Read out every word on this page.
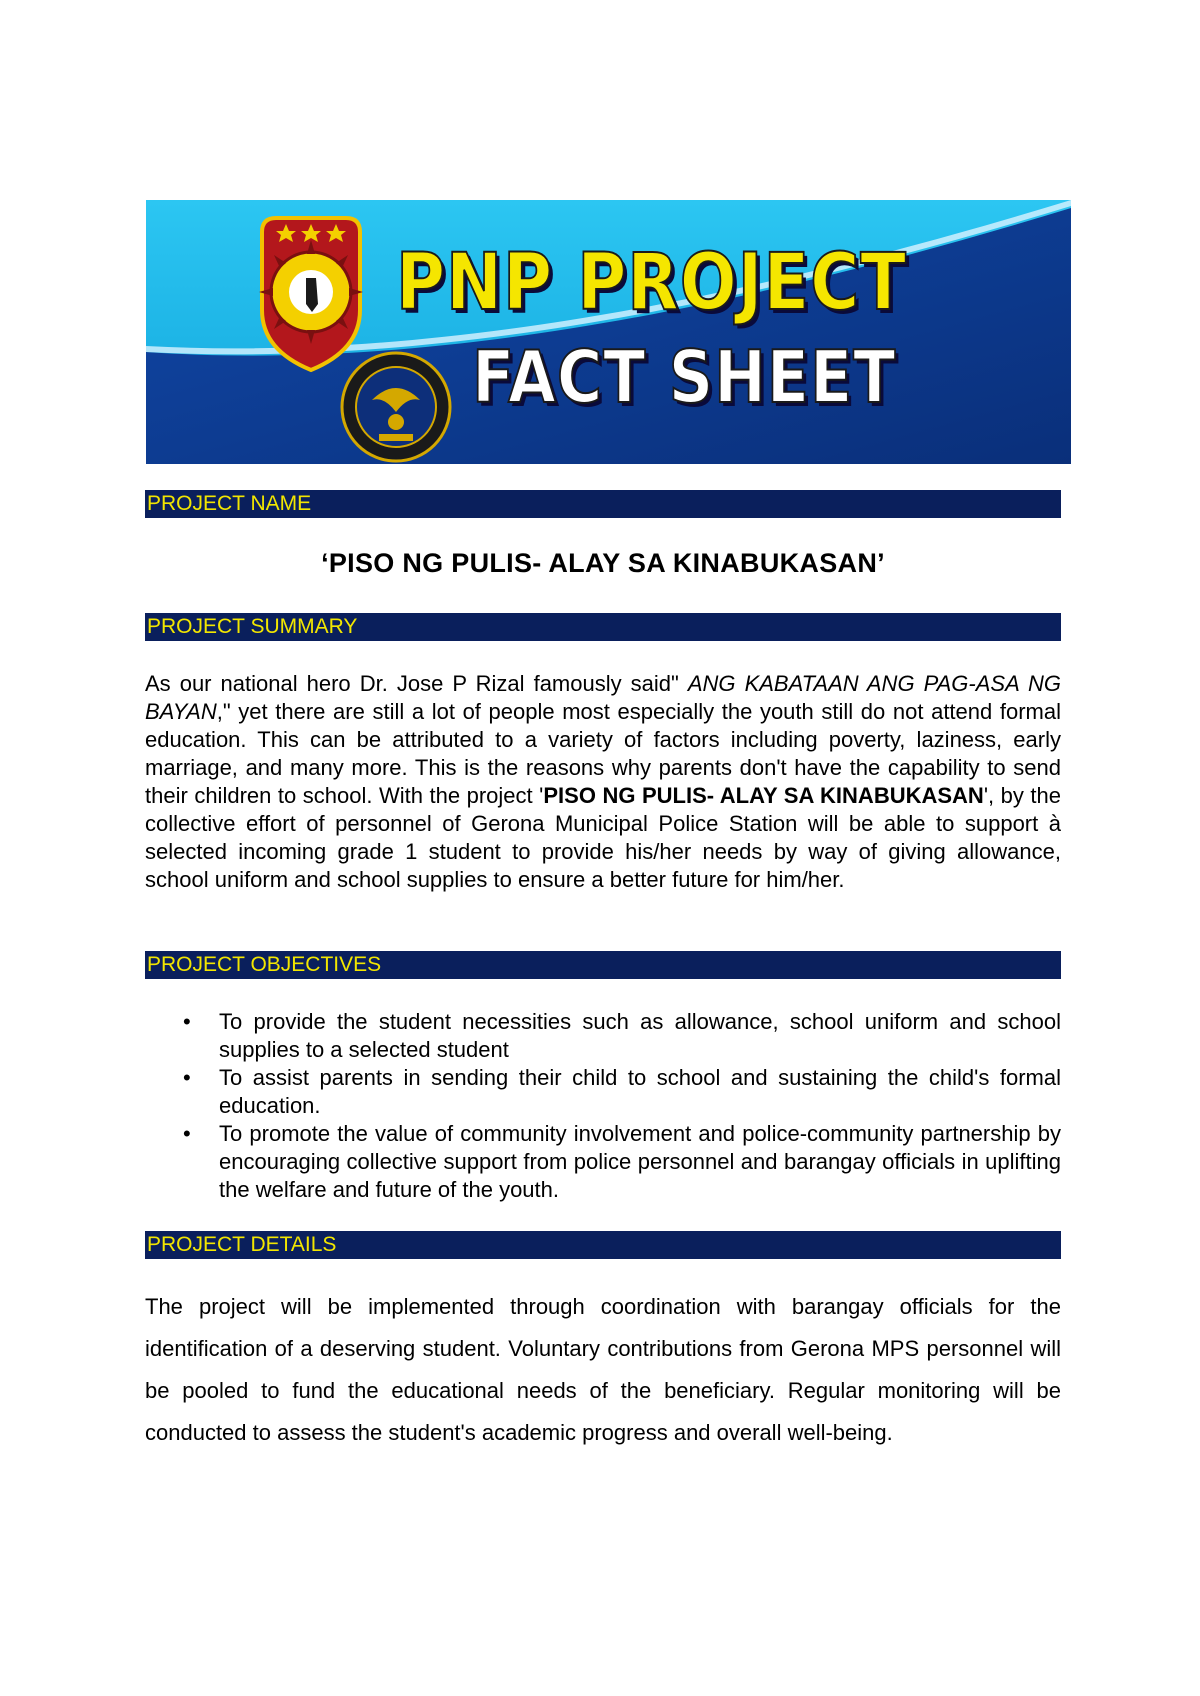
PNP PROJECT
FACT SHEET
PROJECT NAME
‘PISO NG PULIS- ALAY SA KINABUKASAN’
PROJECT SUMMARY

As our national hero Dr. Jose P Rizal famously said" ANG KABATAAN ANG PAG-ASA NG BAYAN," yet there are still a lot of people most especially the youth still do not attend formal education. This can be attributed to a variety of factors including poverty, laziness, early marriage, and many more. This is the reasons why parents don't have the capability to send their children to school. With the project 'PISO NG PULIS- ALAY SA KINABUKASAN', by the collective effort of personnel of Gerona Municipal Police Station will be able to support à selected incoming grade 1 student to provide his/her needs by way of giving allowance, school uniform and school supplies to ensure a better future for him/her.

PROJECT OBJECTIVES
• To provide the student necessities such as allowance, school uniform and school supplies to a selected student
• To assist parents in sending their child to school and sustaining the child's formal education.
• To promote the value of community involvement and police-community partnership by encouraging collective support from police personnel and barangay officials in uplifting the welfare and future of the youth.
PROJECT DETAILS

The project will be implemented through coordination with barangay officials for the identification of a deserving student. Voluntary contributions from Gerona MPS personnel will be pooled to fund the educational needs of the beneficiary. Regular monitoring will be conducted to assess the student's academic progress and overall well-being.
